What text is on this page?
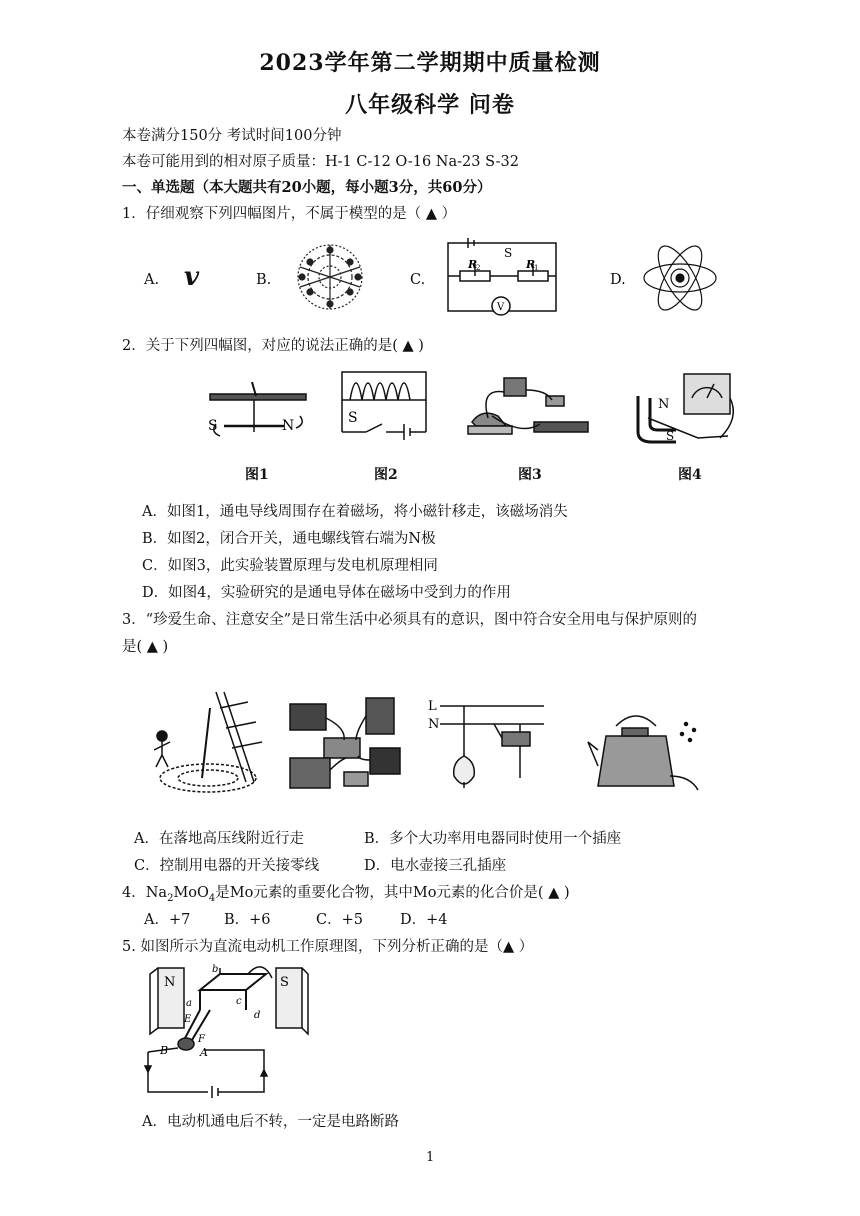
2023学年第二学期期中质量检测
八年级科学 问卷
本卷满分150分 考试时间100分钟
本卷可能用到的相对原子质量：H-1 C-12 O-16 Na-23 S-32
一、单选题（本大题共有20小题，每小题3分，共60分）
1．仔细观察下列四幅图片，不属于模型的是（ ▲ ）
A. v	B.	C.	D.
S
R
2	R
1
V
2．关于下列四幅图，对应的说法正确的是( ▲ )
S	N
图1
S
图2	图3
N
S
图4
A．如图1，通电导线周围存在着磁场，将小磁针移走，该磁场消失
B．如图2，闭合开关，通电螺线管右端为N极
C．如图3，此实验装置原理与发电机原理相同
D．如图4，实验研究的是通电导体在磁场中受到力的作用
3．“珍爱生命、注意安全”是日常生活中必须具有的意识，图中符合安全用电与保护原则的
是( ▲ )
L
N
A．在落地高压线附近行走	B．多个大功率用电器同时使用一个插座
C．控制用电器的开关接零线	D．电水壶接三孔插座
4．$Na_2MoO_4$是Mo元素的重要化合物，其中Mo元素的化合价是( ▲ )
A．+7 B．+6	C．+5	D．+4
5. 如图所示为直流电动机工作原理图，下列分析正确的是（▲ ）
N	S
a
b
c
d
E
F
B	A
A．电动机通电后不转，一定是电路断路
1
